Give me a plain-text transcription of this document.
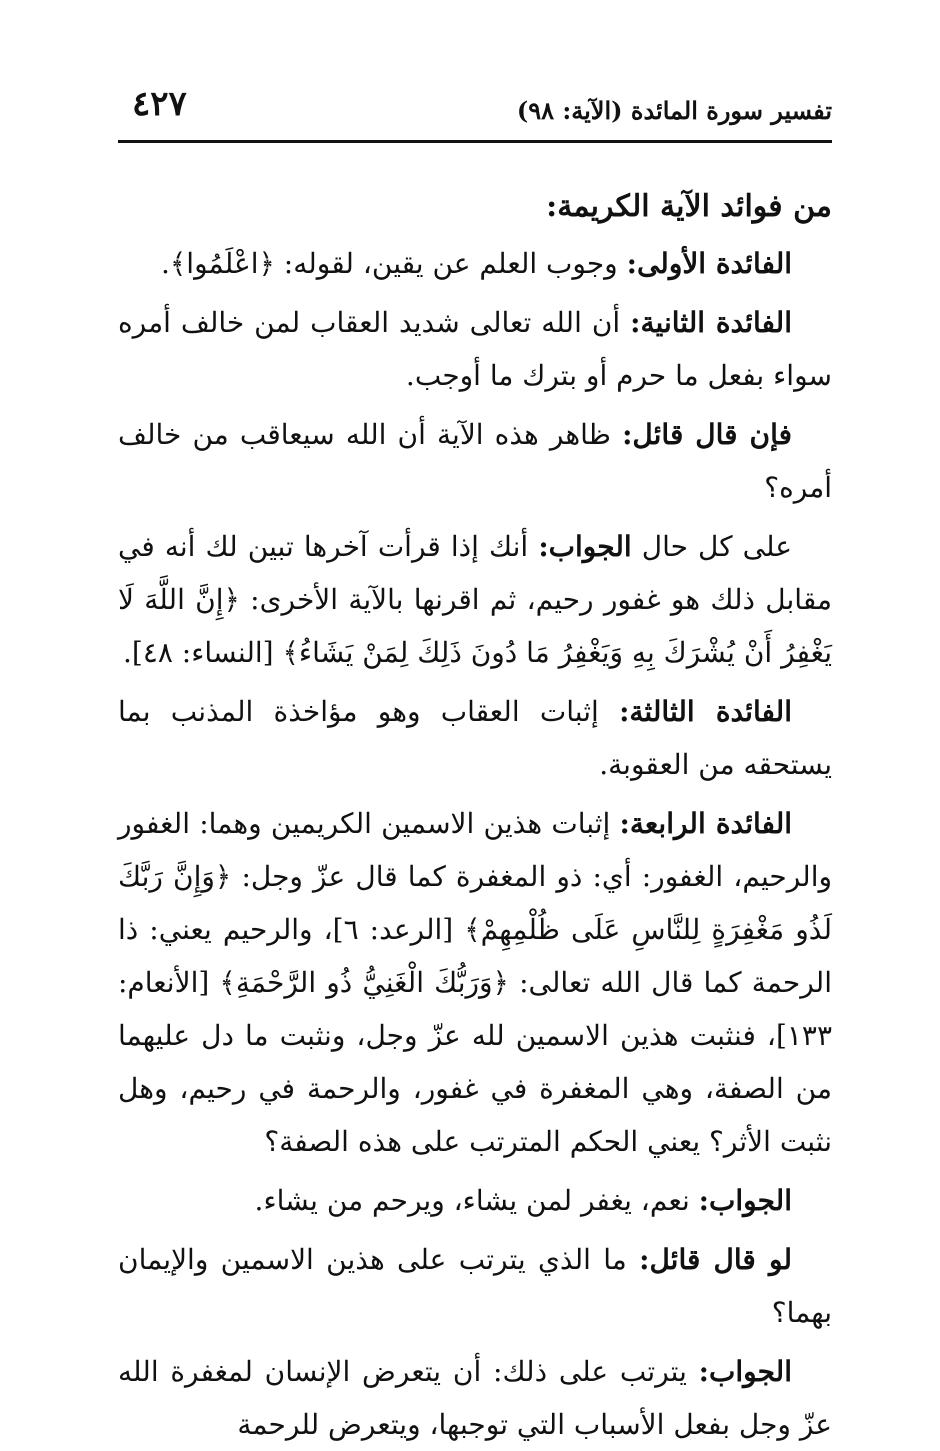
٤٢٧	تفسير سورة المائدة (الآية: ٩٨)
من فوائد الآية الكريمة:

الفائدة الأولى: وجوب العلم عن يقين، لقوله: ﴿اعْلَمُوا﴾.

الفائدة الثانية: أن الله تعالى شديد العقاب لمن خالف أمره سواء بفعل ما حرم أو بترك ما أوجب.

فإن قال قائل: ظاهر هذه الآية أن الله سيعاقب من خالف أمره؟

على كل حال الجواب: أنك إذا قرأت آخرها تبين لك أنه في مقابل ذلك هو غفور رحيم، ثم اقرنها بالآية الأخرى: ﴿إِنَّ اللَّهَ لَا يَغْفِرُ أَنْ يُشْرَكَ بِهِ وَيَغْفِرُ مَا دُونَ ذَلِكَ لِمَنْ يَشَاءُ﴾ [النساء: ٤٨].

الفائدة الثالثة: إثبات العقاب وهو مؤاخذة المذنب بما يستحقه من العقوبة.

الفائدة الرابعة: إثبات هذين الاسمين الكريمين وهما: الغفور والرحيم، الغفور: أي: ذو المغفرة كما قال عزّ وجل: ﴿وَإِنَّ رَبَّكَ لَذُو مَغْفِرَةٍ لِلنَّاسِ عَلَى ظُلْمِهِمْ﴾ [الرعد: ٦]، والرحيم يعني: ذا الرحمة كما قال الله تعالى: ﴿وَرَبُّكَ الْغَنِيُّ ذُو الرَّحْمَةِ﴾ [الأنعام: ١٣٣]، فنثبت هذين الاسمين لله عزّ وجل، ونثبت ما دل عليهما من الصفة، وهي المغفرة في غفور، والرحمة في رحيم، وهل نثبت الأثر؟ يعني الحكم المترتب على هذه الصفة؟

الجواب: نعم، يغفر لمن يشاء، ويرحم من يشاء.

لو قال قائل: ما الذي يترتب على هذين الاسمين والإيمان بهما؟

الجواب: يترتب على ذلك: أن يتعرض الإنسان لمغفرة الله عزّ وجل بفعل الأسباب التي توجبها، ويتعرض للرحمة
